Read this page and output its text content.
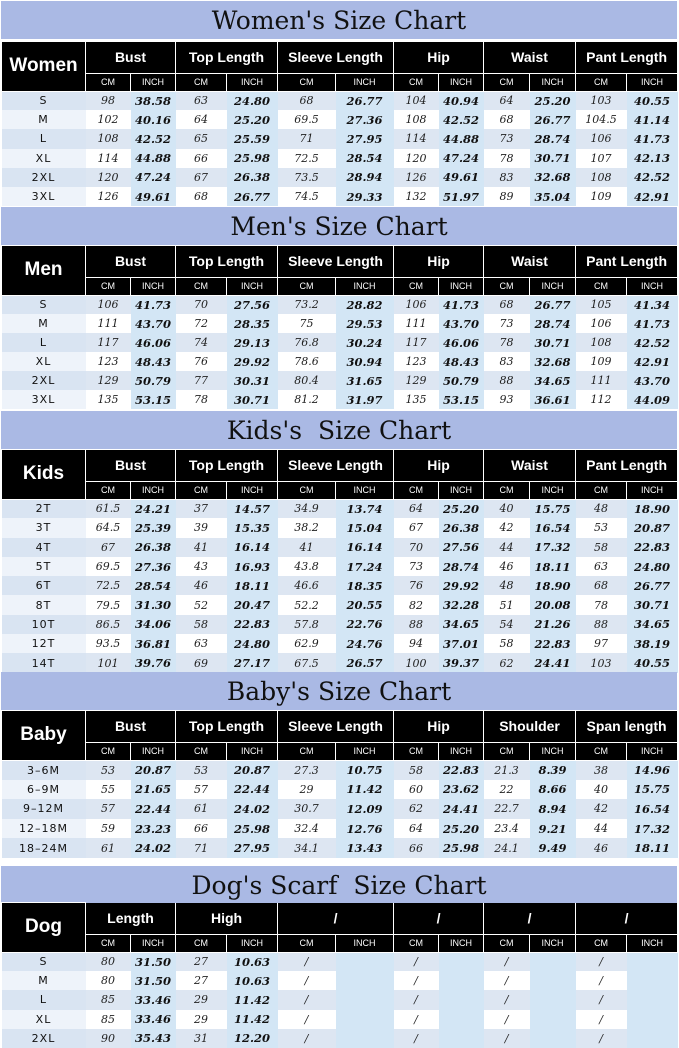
Women's Size Chart
Women	Bust		Top Length		Sleeve Length		Hip		Waist		Pant Length	
	CM	INCH	CM	INCH	CM	INCH	CM	INCH	CM	INCH	CM	INCH
S	98	38.58	63	24.80	68	26.77	104	40.94	64	25.20	103	40.55
M	102	40.16	64	25.20	69.5	27.36	108	42.52	68	26.77	104.5	41.14
L	108	42.52	65	25.59	71	27.95	114	44.88	73	28.74	106	41.73
XL	114	44.88	66	25.98	72.5	28.54	120	47.24	78	30.71	107	42.13
2XL	120	47.24	67	26.38	73.5	28.94	126	49.61	83	32.68	108	42.52
3XL	126	49.61	68	26.77	74.5	29.33	132	51.97	89	35.04	109	42.91
Men's Size Chart
Men	Bust		Top Length		Sleeve Length		Hip		Waist		Pant Length	
	CM	INCH	CM	INCH	CM	INCH	CM	INCH	CM	INCH	CM	INCH
S	106	41.73	70	27.56	73.2	28.82	106	41.73	68	26.77	105	41.34
M	111	43.70	72	28.35	75	29.53	111	43.70	73	28.74	106	41.73
L	117	46.06	74	29.13	76.8	30.24	117	46.06	78	30.71	108	42.52
XL	123	48.43	76	29.92	78.6	30.94	123	48.43	83	32.68	109	42.91
2XL	129	50.79	77	30.31	80.4	31.65	129	50.79	88	34.65	111	43.70
3XL	135	53.15	78	30.71	81.2	31.97	135	53.15	93	36.61	112	44.09
Kids's  Size Chart
Kids	Bust		Top Length		Sleeve Length		Hip		Waist		Pant Length	
	CM	INCH	CM	INCH	CM	INCH	CM	INCH	CM	INCH	CM	INCH
2T	61.5	24.21	37	14.57	34.9	13.74	64	25.20	40	15.75	48	18.90
3T	64.5	25.39	39	15.35	38.2	15.04	67	26.38	42	16.54	53	20.87
4T	67	26.38	41	16.14	41	16.14	70	27.56	44	17.32	58	22.83
5T	69.5	27.36	43	16.93	43.8	17.24	73	28.74	46	18.11	63	24.80
6T	72.5	28.54	46	18.11	46.6	18.35	76	29.92	48	18.90	68	26.77
8T	79.5	31.30	52	20.47	52.2	20.55	82	32.28	51	20.08	78	30.71
10T	86.5	34.06	58	22.83	57.8	22.76	88	34.65	54	21.26	88	34.65
12T	93.5	36.81	63	24.80	62.9	24.76	94	37.01	58	22.83	97	38.19
14T	101	39.76	69	27.17	67.5	26.57	100	39.37	62	24.41	103	40.55
Baby's Size Chart
Baby	Bust		Top Length		Sleeve Length		Hip		Shoulder		Span length	
	CM	INCH	CM	INCH	CM	INCH	CM	INCH	CM	INCH	CM	INCH
3–6M	53	20.87	53	20.87	27.3	10.75	58	22.83	21.3	8.39	38	14.96
6–9M	55	21.65	57	22.44	29	11.42	60	23.62	22	8.66	40	15.75
9–12M	57	22.44	61	24.02	30.7	12.09	62	24.41	22.7	8.94	42	16.54
12–18M	59	23.23	66	25.98	32.4	12.76	64	25.20	23.4	9.21	44	17.32
18–24M	61	24.02	71	27.95	34.1	13.43	66	25.98	24.1	9.49	46	18.11
Dog's Scarf  Size Chart
Dog	Length		High		/		/		/		/	
	CM	INCH	CM	INCH	CM	INCH	CM	INCH	CM	INCH	CM	INCH
S	80	31.50	27	10.63	/		/		/		/	
M	80	31.50	27	10.63	/		/		/		/	
L	85	33.46	29	11.42	/		/		/		/	
XL	85	33.46	29	11.42	/		/		/		/	
2XL	90	35.43	31	12.20	/		/		/		/	
